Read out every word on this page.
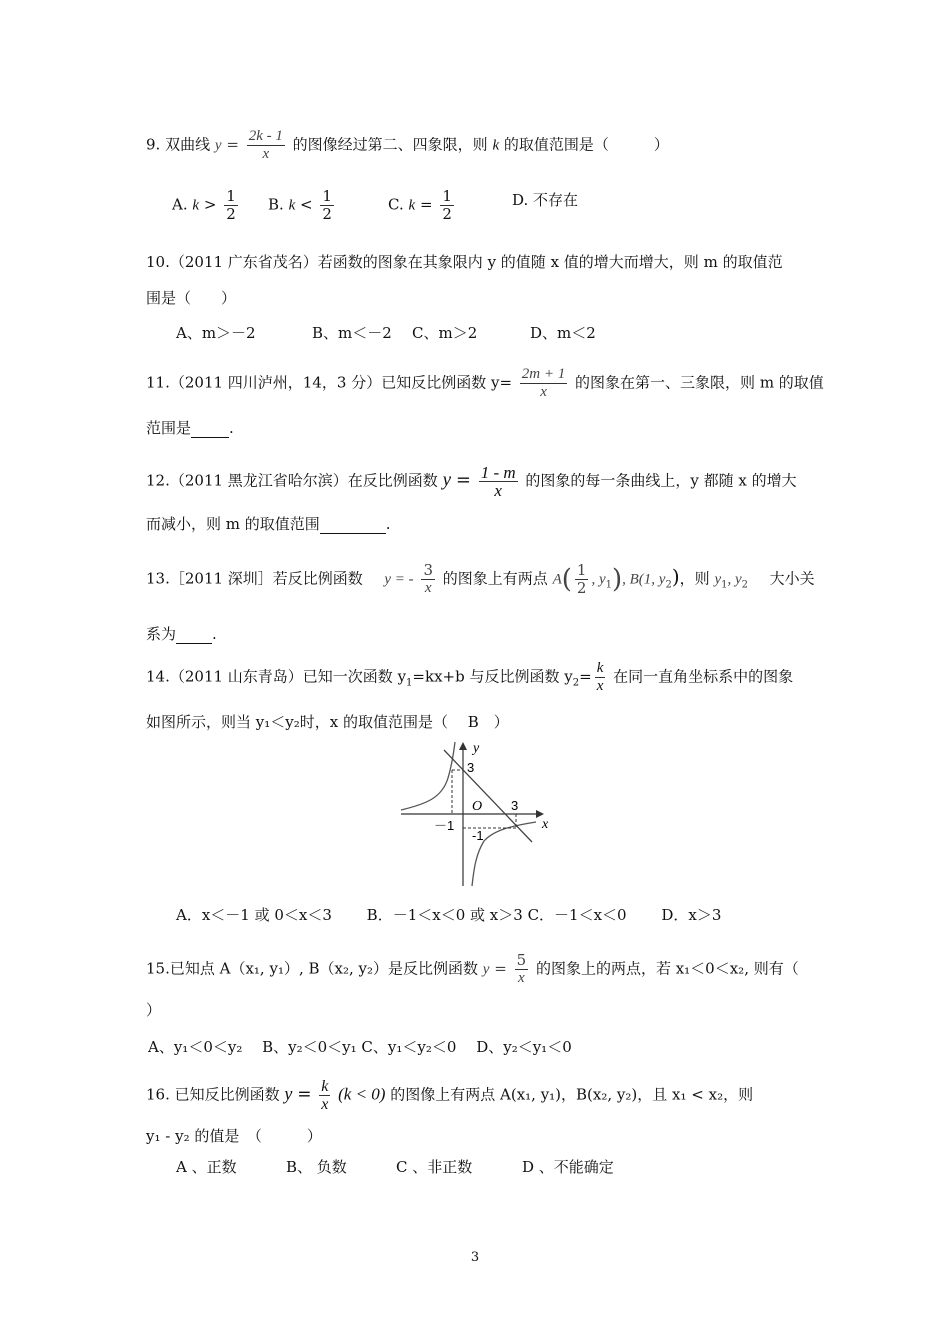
9. 双曲线 $y = \frac{2k - 1}{x}$ 的图像经过第二、四象限，则 k 的取值范围是（　　　）
A. $k > \frac{1}{2} B$. $k < \frac{1}{2}$	C. $k = \frac{1}{2}$	D. 不存在
10.（2011 广东省茂名）若函数的图象在其象限内 y 的值随 x 值的增大而增大，则 m 的取值范
围是（　　）
A、m＞－2	B、m＜－2 C、m＞2	D、m＜2
11.（2011 四川泸州，14，3 分）已知反比例函数 $y= \frac{2m + 1}{x}$ 的图象在第一、三象限，则 m 的取值
范围是	.
12.（2011 黑龙江省哈尔滨）在反比例函数 $y = \frac{1 - m}{x}$ 的图象的每一条曲线上，y 都随 x 的增大
而减小，则 m 的取值范围	.
13.［2011 深圳］若反比例函数 y = - $\frac{3}{x}$ 的图象上有两点 $A( \frac{1}{2}$ , $y_1$), B(1, $y_2$)，则 $y_1$, $y_2$ 大小关
系为 .
14.（2011 山东青岛）已知一次函数 $y_1=kx+b$ 与反比例函数 $y_2= \frac{k}{x}$ 在同一直角坐标系中的图象
如图所示，则当 y₁＜y₂时，x 的取值范围是（　 B　）
y
x
O
3
3
－1
-1
A．x＜－1 或 0＜x＜3　　 B．－1＜x＜0 或 x＞3 C．－1＜x＜0　　 D．x＞3
15.已知点 A（x₁, y₁）, B（x₂, y₂）是反比例函数 $y = \frac{5}{x}$ 的图象上的两点，若 x₁＜0＜x₂, 则有（
）
A、y₁＜0＜y₂　 B、y₂＜0＜y₁ C、y₁＜y₂＜0　 D、y₂＜y₁＜0
16. 已知反比例函数 $y = \frac{k}{x} (k < 0)$ 的图像上有两点 A(x₁, y₁)，B(x₂, y₂)，且 x₁ < x₂，则
y₁ - y₂ 的值是　（　　　）
A 、正数	B、 负数	C 、非正数	D 、不能确定
3
